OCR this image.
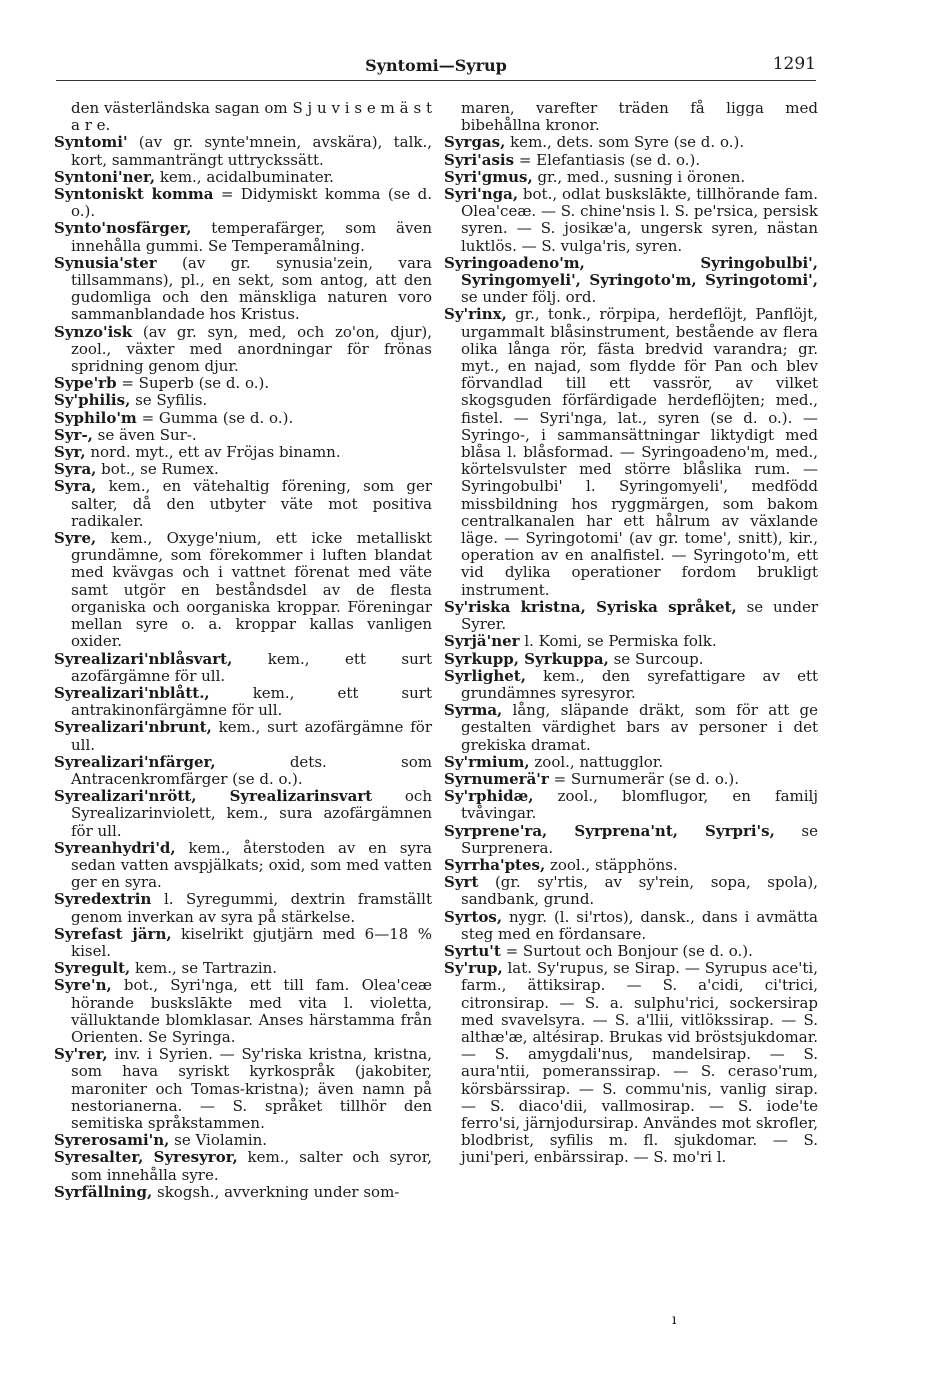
Syntomi—Syrup	1291

den västerländska sagan om S j u v i s e m ä s t a r e.

Syntomi' (av gr. synte'mnein, avskära), talk., kort, sammanträngt uttryckssätt.

Syntoni'ner, kem., acidalbuminater.

Syntoniskt komma = Didymiskt komma (se d. o.).

Synto'nosfärger, temperafärger, som även innehålla gummi. Se Temperamålning.

Synusia'ster (av gr. synusia'zein, vara tillsammans), pl., en sekt, som antog, att den gudomliga och den mänskliga naturen voro sammanblandade hos Kristus.

Synzo'isk (av gr. syn, med, och zo'on, djur), zool., växter med anordningar för frönas spridning genom djur.

Sype'rb = Superb (se d. o.).

Sy'philis, se Syfilis.

Syphilo'm = Gumma (se d. o.).

Syr-, se även Sur-.

Syr, nord. myt., ett av Fröjas binamn.

Syra, bot., se Rumex.

Syra, kem., en vätehaltig förening, som ger salter, då den utbyter väte mot positiva radikaler.

Syre, kem., Oxyge'nium, ett icke metalliskt grundämne, som förekommer i luften blandat med kvävgas och i vattnet förenat med väte samt utgör en beståndsdel av de flesta organiska och oorganiska kroppar. Föreningar mellan syre o. a. kroppar kallas vanligen oxider.

Syrealizari'nblåsvart, kem., ett surt azofärgämne för ull.

Syrealizari'nblått., kem., ett surt antrakinonfärgämne för ull.

Syrealizari'nbrunt, kem., surt azofärgämne för ull.

Syrealizari'nfärger, dets. som Antracenkromfärger (se d. o.).

Syrealizari'nrött, Syrealizarinsvart och Syrealizarinviolett, kem., sura azofärgämnen för ull.

Syreanhydri'd, kem., återstoden av en syra sedan vatten avspjälkats; oxid, som med vatten ger en syra.

Syredextrin l. Syregummi, dextrin framställt genom inverkan av syra på stärkelse.

Syrefast järn, kiselrikt gjutjärn med 6—18 % kisel.

Syregult, kem., se Tartrazin.

Syre'n, bot., Syri'nga, ett till fam. Olea'ceæ hörande buskslākte med vita l. violetta, välluktande blomklasar. Anses härstamma från Orienten. Se Syringa.

Sy'rer, inv. i Syrien. — Sy'riska kristna, kristna, som hava syriskt kyrkospråk (jakobiter, maroniter och Tomas-kristna); även namn på nestorianerna. — S. språket tillhör den semitiska språkstammen.

Syrerosami'n, se Violamin.

Syresalter, Syresyror, kem., salter och syror, som innehålla syre.

Syrfällning, skogsh., avverkning under som-

maren, varefter träden få ligga med bibehållna kronor.

Syrgas, kem., dets. som Syre (se d. o.).

Syri'asis = Elefantiasis (se d. o.).

Syri'gmus, gr., med., susning i öronen.

Syri'nga, bot., odlat buskslākte, tillhörande fam. Olea'ceæ. — S. chine'nsis l. S. pe'rsica, persisk syren. — S. josikæ'a, ungersk syren, nästan luktlös. — S. vulga'ris, syren.

Syringoadeno'm, Syringobulbi', Syringomyeli', Syringoto'm, Syringotomi', se under följ. ord.

Sy'rinx, gr., tonk., rörpipa, herdeflöjt, Panflöjt, urgammalt blåsinstrument, bestående av flera olika långa rör, fästa bredvid varandra; gr. myt., en najad, som flydde för Pan och blev förvandlad till ett vassrör, av vilket skogsguden förfärdigade herdeflöjten; med., fistel. — Syri'nga, lat., syren (se d. o.). — Syringo-, i sammansättningar liktydigt med blåsa l. blåsformad. — Syringoadeno'm, med., körtelsvulster med större blåslika rum. — Syringobulbi' l. Syringomyeli', medfödd missbildning hos ryggmärgen, som bakom centralkanalen har ett hålrum av växlande läge. — Syringotomi' (av gr. tome', snitt), kir., operation av en analfistel. — Syringoto'm, ett vid dylika operationer fordom brukligt instrument.

Sy'riska kristna, Syriska språket, se under Syrer.

Syrjä'ner l. Komi, se Permiska folk.

Syrkupp, Syrkuppa, se Surcoup.

Syrlighet, kem., den syrefattigare av ett grundämnes syresyror.

Syrma, lång, släpande dräkt, som för att ge gestalten värdighet bars av personer i det grekiska dramat.

Sy'rmium, zool., nattugglor.

Syrnumerä'r = Surnumerär (se d. o.).

Sy'rphidæ, zool., blomflugor, en familj tvåvingar.

Syrprene'ra, Syrprena'nt, Syrpri's, se Surprenera.

Syrrha'ptes, zool., stäpphöns.

Syrt (gr. sy'rtis, av sy'rein, sopa, spola), sandbank, grund.

Syrtos, nygr. (l. si'rtos), dansk., dans i avmätta steg med en fördansare.

Syrtu't = Surtout och Bonjour (se d. o.).

Sy'rup, lat. Sy'rupus, se Sirap. — Syrupus ace'ti, farm., ättiksirap. — S. a'cidi, ci'trici, citronsirap. — S. a. sulphu'rici, sockersirap med svavelsyra. — S. a'llii, vitlökssirap. — S. althæ'æ, altésirap. Brukas vid bröstsjukdomar. — S. amygdali'nus, mandelsirap. — S. aura'ntii, pomeranssirap. — S. ceraso'rum, körsbärssirap. — S. commu'nis, vanlig sirap. — S. diaco'dii, vallmosirap. — S. iode'te ferro'si, järnjodursirap. Användes mot skrofler, blodbrist, syfilis m. fl. sjukdomar. — S. juni'peri, enbärssirap. — S. mo'ri l.

ı
